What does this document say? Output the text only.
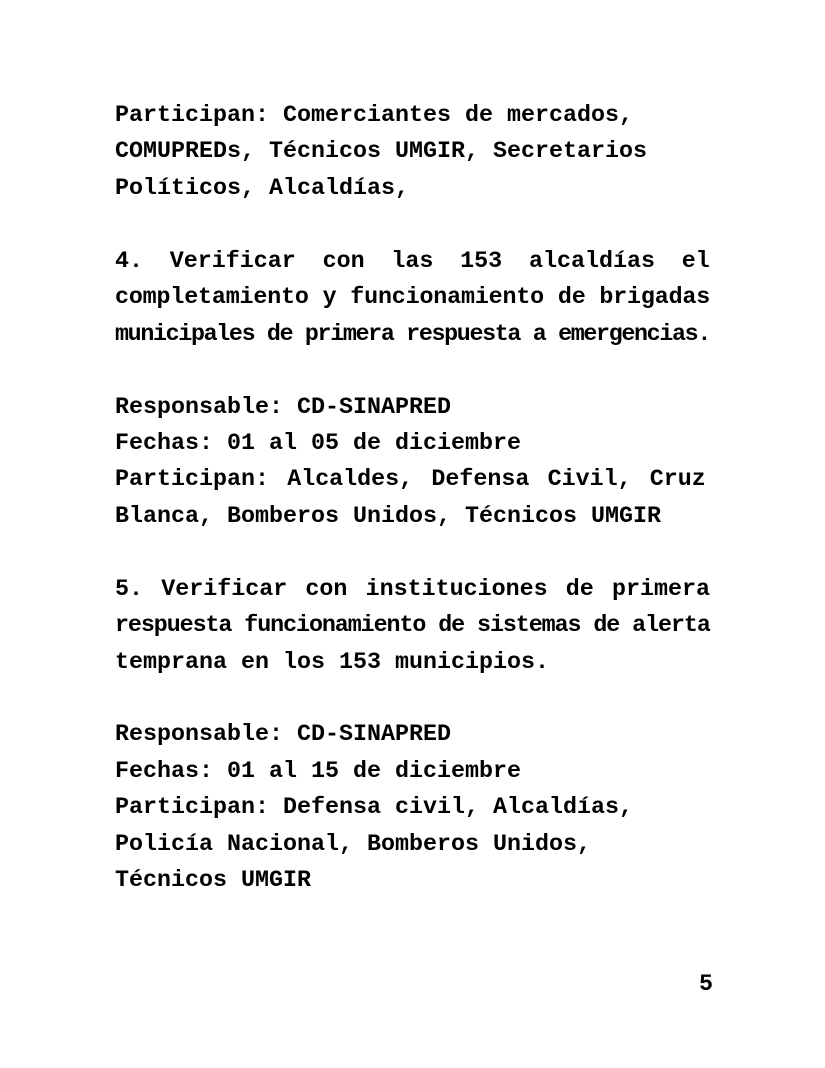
Participan: Comerciantes de mercados,
COMUPREDs, Técnicos UMGIR, Secretarios
Políticos, Alcaldías,
4. Verificar con las 153 alcaldías el
completamiento y funcionamiento de brigadas
municipales de primera respuesta a emergencias.
Responsable: CD-SINAPRED
Fechas: 01 al 05 de diciembre
Participan: Alcaldes, Defensa Civil, Cruz
Blanca, Bomberos Unidos, Técnicos UMGIR
5. Verificar con instituciones de primera
respuesta funcionamiento de sistemas de alerta
temprana en los 153 municipios.
Responsable: CD-SINAPRED
Fechas: 01 al 15 de diciembre
Participan: Defensa civil, Alcaldías,
Policía Nacional, Bomberos Unidos,
Técnicos UMGIR
5
